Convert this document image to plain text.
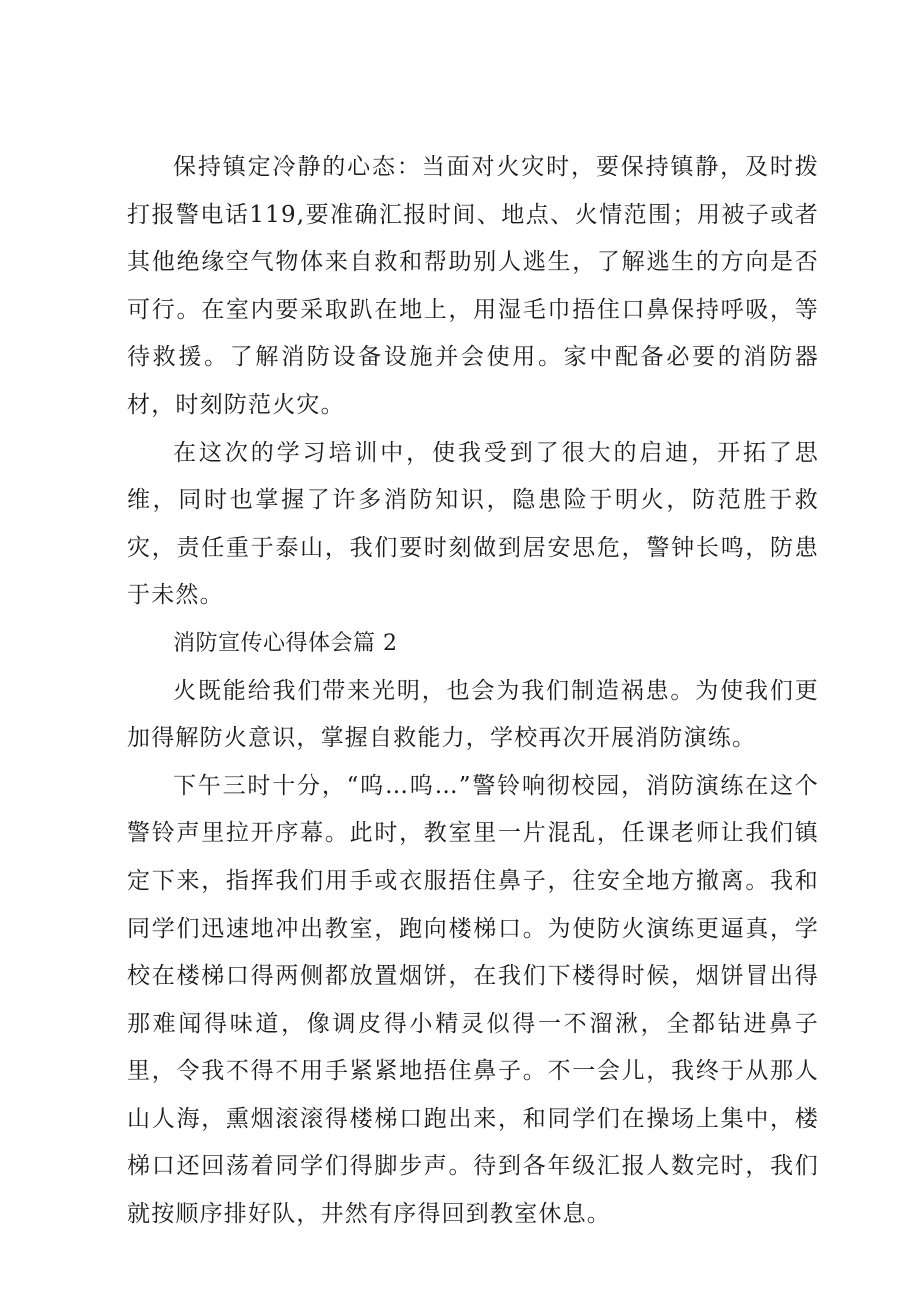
保持镇定冷静的心态：当面对火灾时，要保持镇静，及时拨打报警电话119,要准确汇报时间、地点、火情范围；用被子或者其他绝缘空气物体来自救和帮助别人逃生，了解逃生的方向是否可行。在室内要采取趴在地上，用湿毛巾捂住口鼻保持呼吸，等待救援。了解消防设备设施并会使用。家中配备必要的消防器材，时刻防范火灾。

在这次的学习培训中，使我受到了很大的启迪，开拓了思维，同时也掌握了许多消防知识，隐患险于明火，防范胜于救灾，责任重于泰山，我们要时刻做到居安思危，警钟长鸣，防患于未然。

消防宣传心得体会篇 2

火既能给我们带来光明，也会为我们制造祸患。为使我们更加得解防火意识，掌握自救能力，学校再次开展消防演练。

下午三时十分，“呜…呜…”警铃响彻校园，消防演练在这个警铃声里拉开序幕。此时，教室里一片混乱，任课老师让我们镇定下来，指挥我们用手或衣服捂住鼻子，往安全地方撤离。我和同学们迅速地冲出教室，跑向楼梯口。为使防火演练更逼真，学校在楼梯口得两侧都放置烟饼，在我们下楼得时候，烟饼冒出得那难闻得味道，像调皮得小精灵似得一不溜湫，全都钻进鼻子里，令我不得不用手紧紧地捂住鼻子。不一会儿，我终于从那人山人海，熏烟滚滚得楼梯口跑出来，和同学们在操场上集中，楼梯口还回荡着同学们得脚步声。待到各年级汇报人数完时，我们就按顺序排好队，井然有序得回到教室休息。
